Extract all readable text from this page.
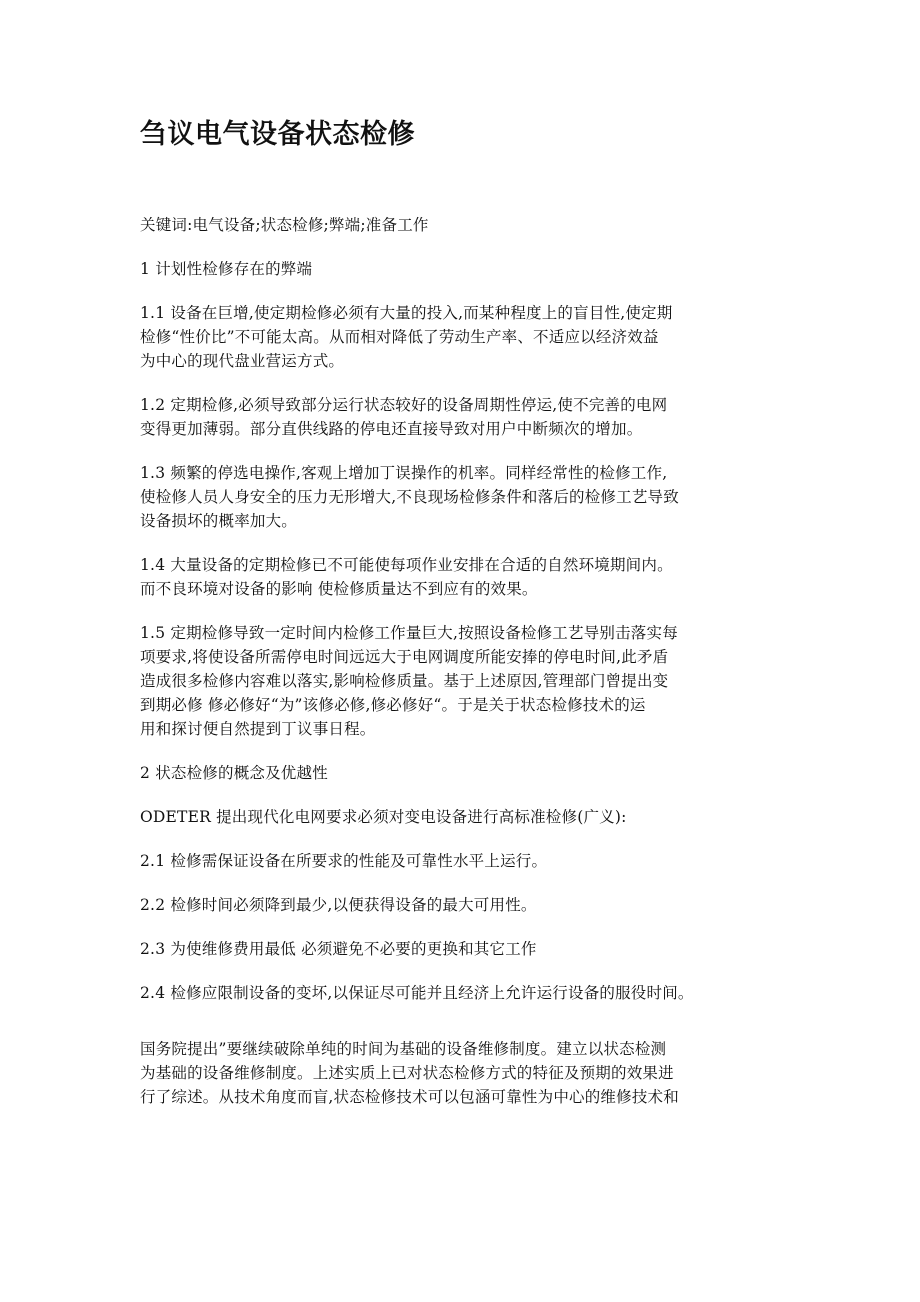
刍议电气设备状态检修

关键词:电气设备;状态检修;弊端;准备工作

1 计划性检修存在的弊端

1.1 设备在巨增,使定期检修必须有大量的投入,而某种程度上的盲目性,使定期
检修“性价比”不可能太高。从而相对降低了劳动生产率、不适应以经济效益
为中心的现代盘业营运方式。

1.2 定期检修,必须导致部分运行状态较好的设备周期性停运,使不完善的电网
变得更加薄弱。部分直供线路的停电还直接导致对用户中断频次的增加。

1.3 频繁的停选电操作,客观上增加丁误操作的机率。同样经常性的检修工作,
使检修人员人身安全的压力无形增大,不良现场检修条件和落后的检修工艺导致
设备损坏的概率加大。

1.4 大量设备的定期检修已不可能使每项作业安排在合适的自然环境期间内。
而不良环境对设备的影响 使检修质量达不到应有的效果。

1.5 定期检修导致一定时间内检修工作量巨大,按照设备检修工艺导别击落实每
项要求,将使设备所需停电时间远远大于电网调度所能安捧的停电时间,此矛盾
造成很多检修内容难以落实,影响检修质量。基于上述原因,管理部门曾提出变
到期必修 修必修好“为”该修必修,修必修好“。于是关于状态检修技术的运
用和探讨便自然提到丁议事日程。

2 状态检修的概念及优越性

ODETER 提出现代化电网要求必须对变电设备进行高标准检修(广义):

2.1 检修需保证设备在所要求的性能及可靠性水平上运行。

2.2 检修时间必须降到最少,以便获得设备的最大可用性。

2.3 为使维修费用最低 必须避免不必要的更换和其它工作

2.4 检修应限制设备的变坏,以保证尽可能并且经济上允许运行设备的服役时间。

国务院提出”要继续破除单纯的时间为基础的设备维修制度。建立以状态检测
为基础的设备维修制度。上述实质上已对状态检修方式的特征及预期的效果进
行了综述。从技术角度而盲,状态检修技术可以包涵可靠性为中心的维修技术和
